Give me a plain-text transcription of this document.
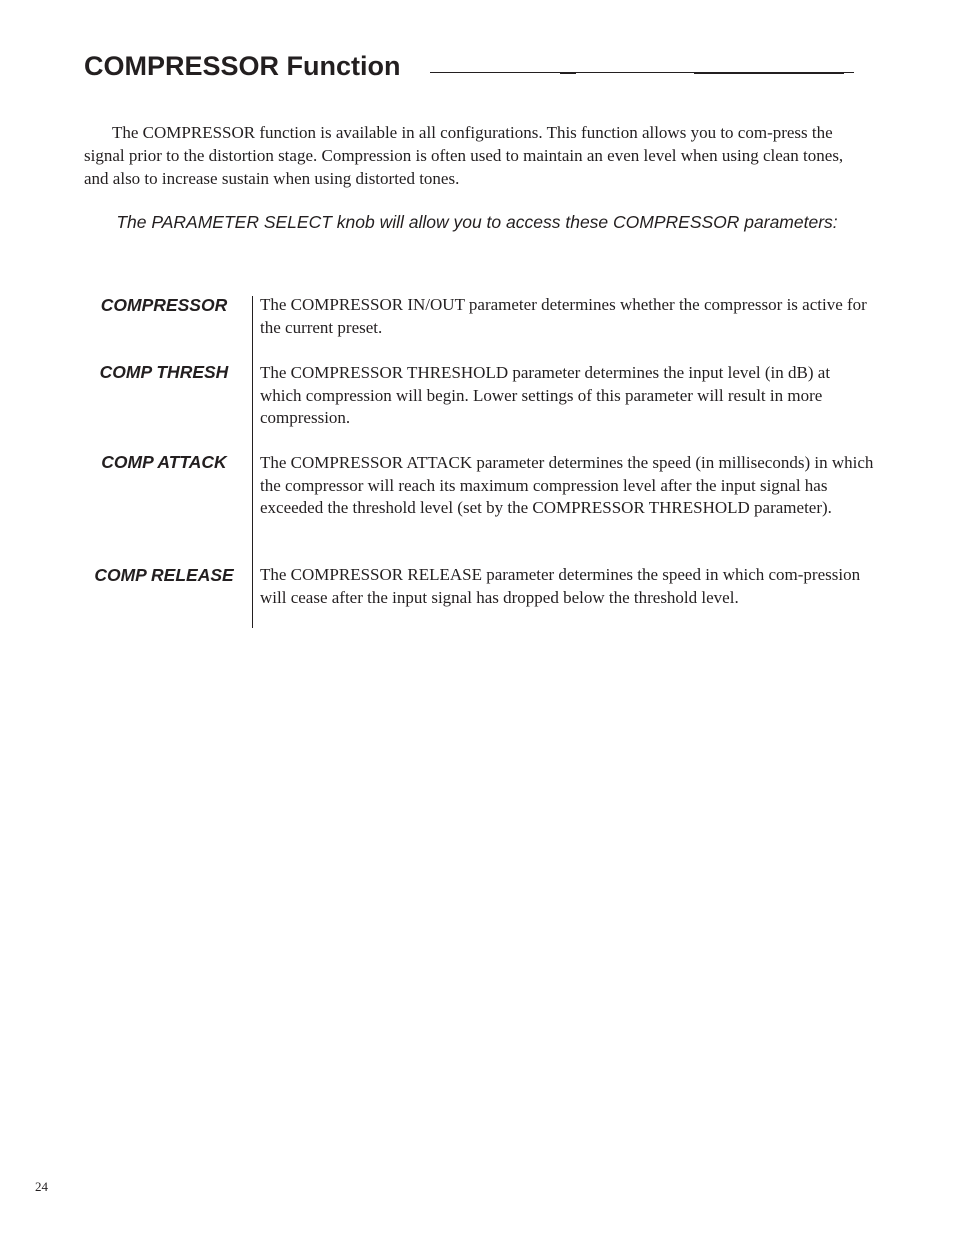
COMPRESSOR Function

The COMPRESSOR function is available in all configurations. This function allows you to com-press the signal prior to the distortion stage. Compression is often used to maintain an even level when using clean tones, and also to increase sustain when using distorted tones.

The PARAMETER SELECT knob will allow you to access these COMPRESSOR parameters:

COMPRESSOR	The COMPRESSOR IN/OUT parameter determines whether the compressor is active for the current preset.

COMP THRESH	The COMPRESSOR THRESHOLD parameter determines the input level (in dB) at which compression will begin. Lower settings of this parameter will result in more compression.

COMP ATTACK	The COMPRESSOR ATTACK parameter determines the speed (in milliseconds) in which the compressor will reach its maximum compression level after the input signal has exceeded the threshold level (set by the COMPRESSOR THRESHOLD parameter).

COMP RELEASE	The COMPRESSOR RELEASE parameter determines the speed in which com-pression will cease after the input signal has dropped below the threshold level.

24
